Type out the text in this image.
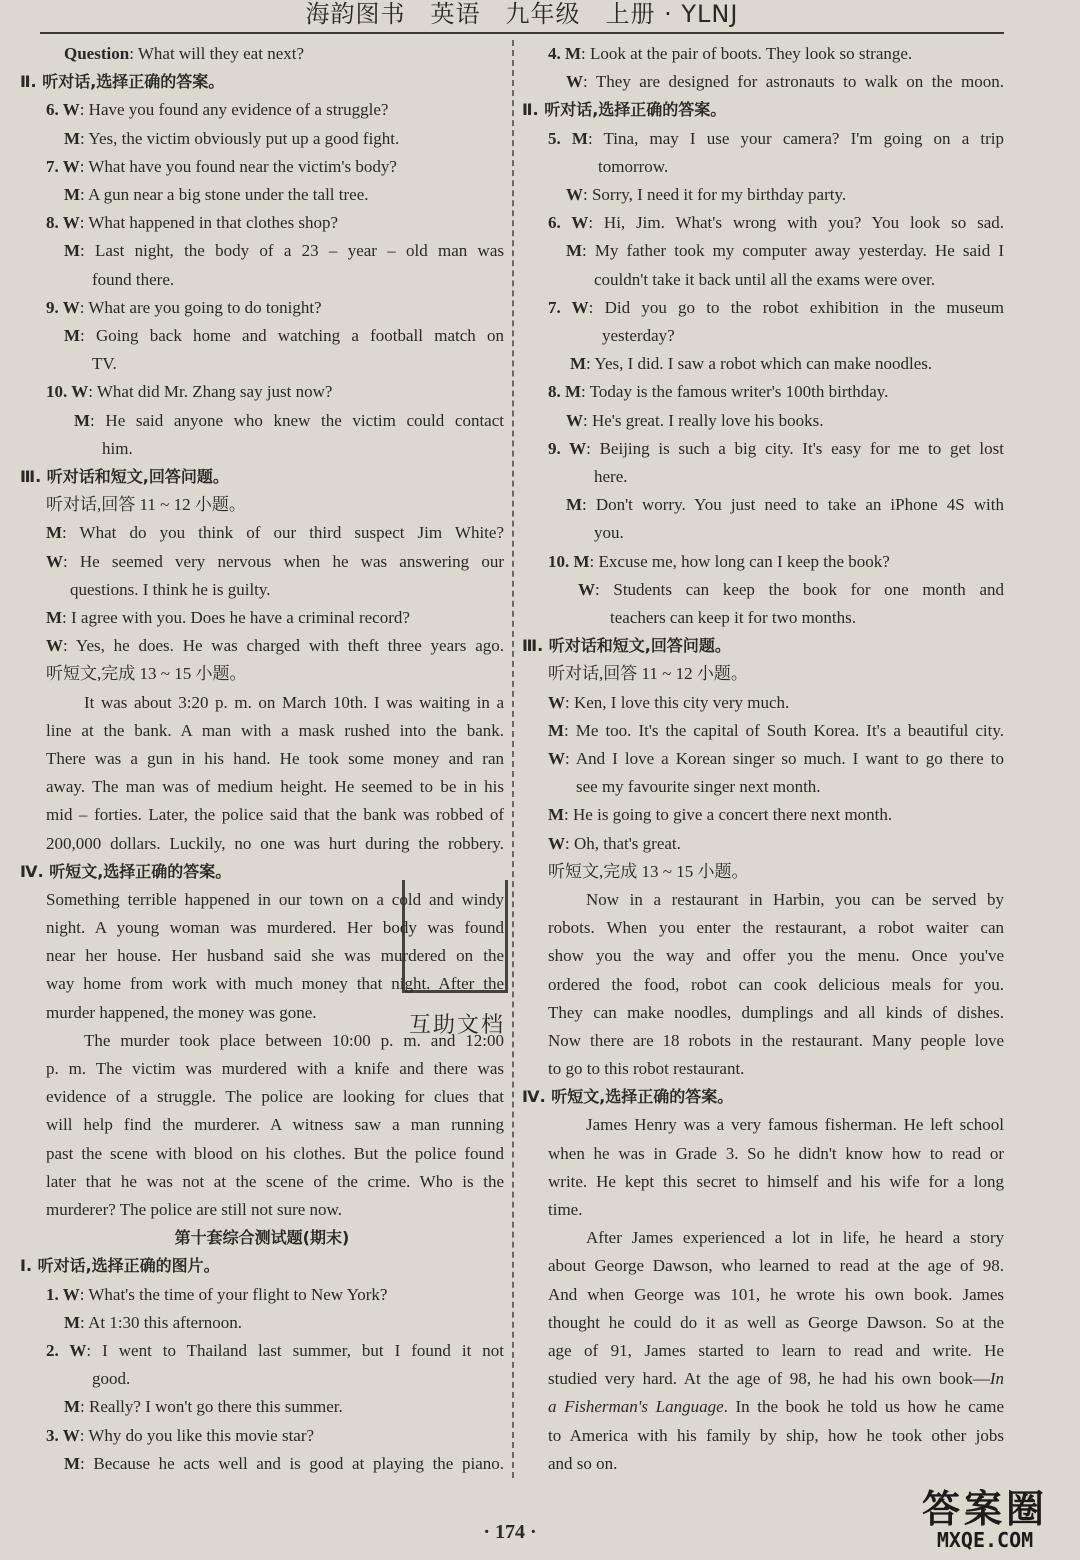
海韵图书　英语　九年级　上册 · YLNJ
Question: What will they eat next?
Ⅱ. 听对话,选择正确的答案。
6. W: Have you found any evidence of a struggle?
M: Yes, the victim obviously put up a good fight.
7. W: What have you found near the victim's body?
M: A gun near a big stone under the tall tree.
8. W: What happened in that clothes shop?
M: Last night, the body of a 23 – year – old man was
found there.
9. W: What are you going to do tonight?
M: Going back home and watching a football match on
TV.
10. W: What did Mr. Zhang say just now?
M: He said anyone who knew the victim could contact
him.
Ⅲ. 听对话和短文,回答问题。
听对话,回答 11 ~ 12 小题。
M: What do you think of our third suspect Jim White?
W: He seemed very nervous when he was answering our
questions. I think he is guilty.
M: I agree with you. Does he have a criminal record?
W: Yes, he does. He was charged with theft three years ago.
听短文,完成 13 ~ 15 小题。
It was about 3:20 p. m. on March 10th. I was waiting in a
line at the bank. A man with a mask rushed into the bank.
There was a gun in his hand. He took some money and ran
away. The man was of medium height. He seemed to be in his
mid – forties. Later, the police said that the bank was robbed of
200,000 dollars. Luckily, no one was hurt during the robbery.
Ⅳ. 听短文,选择正确的答案。
Something terrible happened in our town on a cold and windy
night. A young woman was murdered. Her body was found
near her house. Her husband said she was murdered on the
way home from work with much money that night. After the
murder happened, the money was gone.
The murder took place between 10:00 p. m. and 12:00
p. m. The victim was murdered with a knife and there was
evidence of a struggle. The police are looking for clues that
will help find the murderer. A witness saw a man running
past the scene with blood on his clothes. But the police found
later that he was not at the scene of the crime. Who is the
murderer? The police are still not sure now.
第十套综合测试题(期末)
Ⅰ. 听对话,选择正确的图片。
1. W: What's the time of your flight to New York?
M: At 1:30 this afternoon.
2. W: I went to Thailand last summer, but I found it not
good.
M: Really? I won't go there this summer.
3. W: Why do you like this movie star?
M: Because he acts well and is good at playing the piano.
4. M: Look at the pair of boots. They look so strange.
W: They are designed for astronauts to walk on the moon.
Ⅱ. 听对话,选择正确的答案。
5. M: Tina, may I use your camera? I'm going on a trip
tomorrow.
W: Sorry, I need it for my birthday party.
6. W: Hi, Jim. What's wrong with you? You look so sad.
M: My father took my computer away yesterday. He said I
couldn't take it back until all the exams were over.
7. W: Did you go to the robot exhibition in the museum
yesterday?
M: Yes, I did. I saw a robot which can make noodles.
8. M: Today is the famous writer's 100th birthday.
W: He's great. I really love his books.
9. W: Beijing is such a big city. It's easy for me to get lost
here.
M: Don't worry. You just need to take an iPhone 4S with
you.
10. M: Excuse me, how long can I keep the book?
W: Students can keep the book for one month and
teachers can keep it for two months.
Ⅲ. 听对话和短文,回答问题。
听对话,回答 11 ~ 12 小题。
W: Ken, I love this city very much.
M: Me too. It's the capital of South Korea. It's a beautiful city.
W: And I love a Korean singer so much. I want to go there to
see my favourite singer next month.
M: He is going to give a concert there next month.
W: Oh, that's great.
听短文,完成 13 ~ 15 小题。
Now in a restaurant in Harbin, you can be served by
robots. When you enter the restaurant, a robot waiter can
show you the way and offer you the menu. Once you've
ordered the food, robot can cook delicious meals for you.
They can make noodles, dumplings and all kinds of dishes.
Now there are 18 robots in the restaurant. Many people love
to go to this robot restaurant.
Ⅳ. 听短文,选择正确的答案。
James Henry was a very famous fisherman. He left school
when he was in Grade 3. So he didn't know how to read or
write. He kept this secret to himself and his wife for a long
time.
After James experienced a lot in life, he heard a story
about George Dawson, who learned to read at the age of 98.
And when George was 101, he wrote his own book. James
thought he could do it as well as George Dawson. So at the
age of 91, James started to learn to read and write. He
studied very hard. At the age of 98, he had his own book—In
a Fisherman's Language. In the book he told us how he came
to America with his family by ship, how he took other jobs
and so on.
互助文档
· 174 ·
答案圈
MXQE.COM
